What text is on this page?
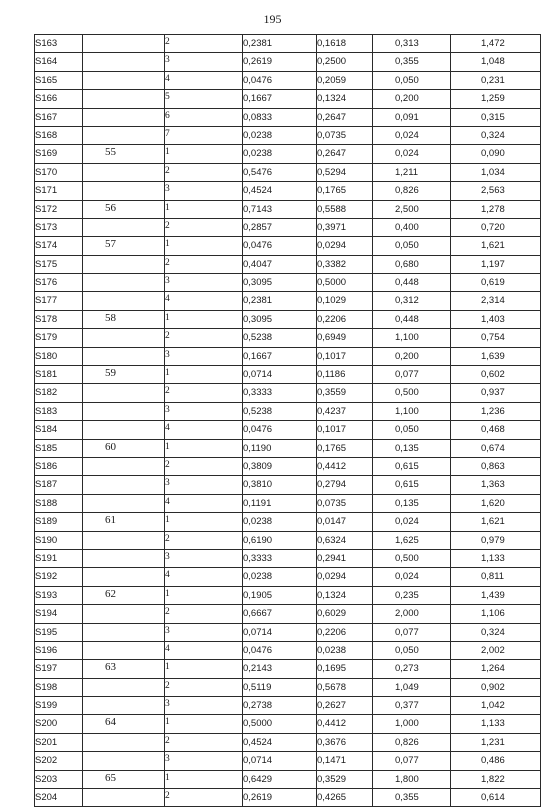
195
S163		2	0,2381	0,1618	0,313	1,472
S164		3	0,2619	0,2500	0,355	1,048
S165		4	0,0476	0,2059	0,050	0,231
S166		5	0,1667	0,1324	0,200	1,259
S167		6	0,0833	0,2647	0,091	0,315
S168		7	0,0238	0,0735	0,024	0,324
S169	55	1	0,0238	0,2647	0,024	0,090
S170		2	0,5476	0,5294	1,211	1,034
S171		3	0,4524	0,1765	0,826	2,563
S172	56	1	0,7143	0,5588	2,500	1,278
S173		2	0,2857	0,3971	0,400	0,720
S174	57	1	0,0476	0,0294	0,050	1,621
S175		2	0,4047	0,3382	0,680	1,197
S176		3	0,3095	0,5000	0,448	0,619
S177		4	0,2381	0,1029	0,312	2,314
S178	58	1	0,3095	0,2206	0,448	1,403
S179		2	0,5238	0,6949	1,100	0,754
S180		3	0,1667	0,1017	0,200	1,639
S181	59	1	0,0714	0,1186	0,077	0,602
S182		2	0,3333	0,3559	0,500	0,937
S183		3	0,5238	0,4237	1,100	1,236
S184		4	0,0476	0,1017	0,050	0,468
S185	60	1	0,1190	0,1765	0,135	0,674
S186		2	0,3809	0,4412	0,615	0,863
S187		3	0,3810	0,2794	0,615	1,363
S188		4	0,1191	0,0735	0,135	1,620
S189	61	1	0,0238	0,0147	0,024	1,621
S190		2	0,6190	0,6324	1,625	0,979
S191		3	0,3333	0,2941	0,500	1,133
S192		4	0,0238	0,0294	0,024	0,811
S193	62	1	0,1905	0,1324	0,235	1,439
S194		2	0,6667	0,6029	2,000	1,106
S195		3	0,0714	0,2206	0,077	0,324
S196		4	0,0476	0,0238	0,050	2,002
S197	63	1	0,2143	0,1695	0,273	1,264
S198		2	0,5119	0,5678	1,049	0,902
S199		3	0,2738	0,2627	0,377	1,042
S200	64	1	0,5000	0,4412	1,000	1,133
S201		2	0,4524	0,3676	0,826	1,231
S202		3	0,0714	0,1471	0,077	0,486
S203	65	1	0,6429	0,3529	1,800	1,822
S204		2	0,2619	0,4265	0,355	0,614
